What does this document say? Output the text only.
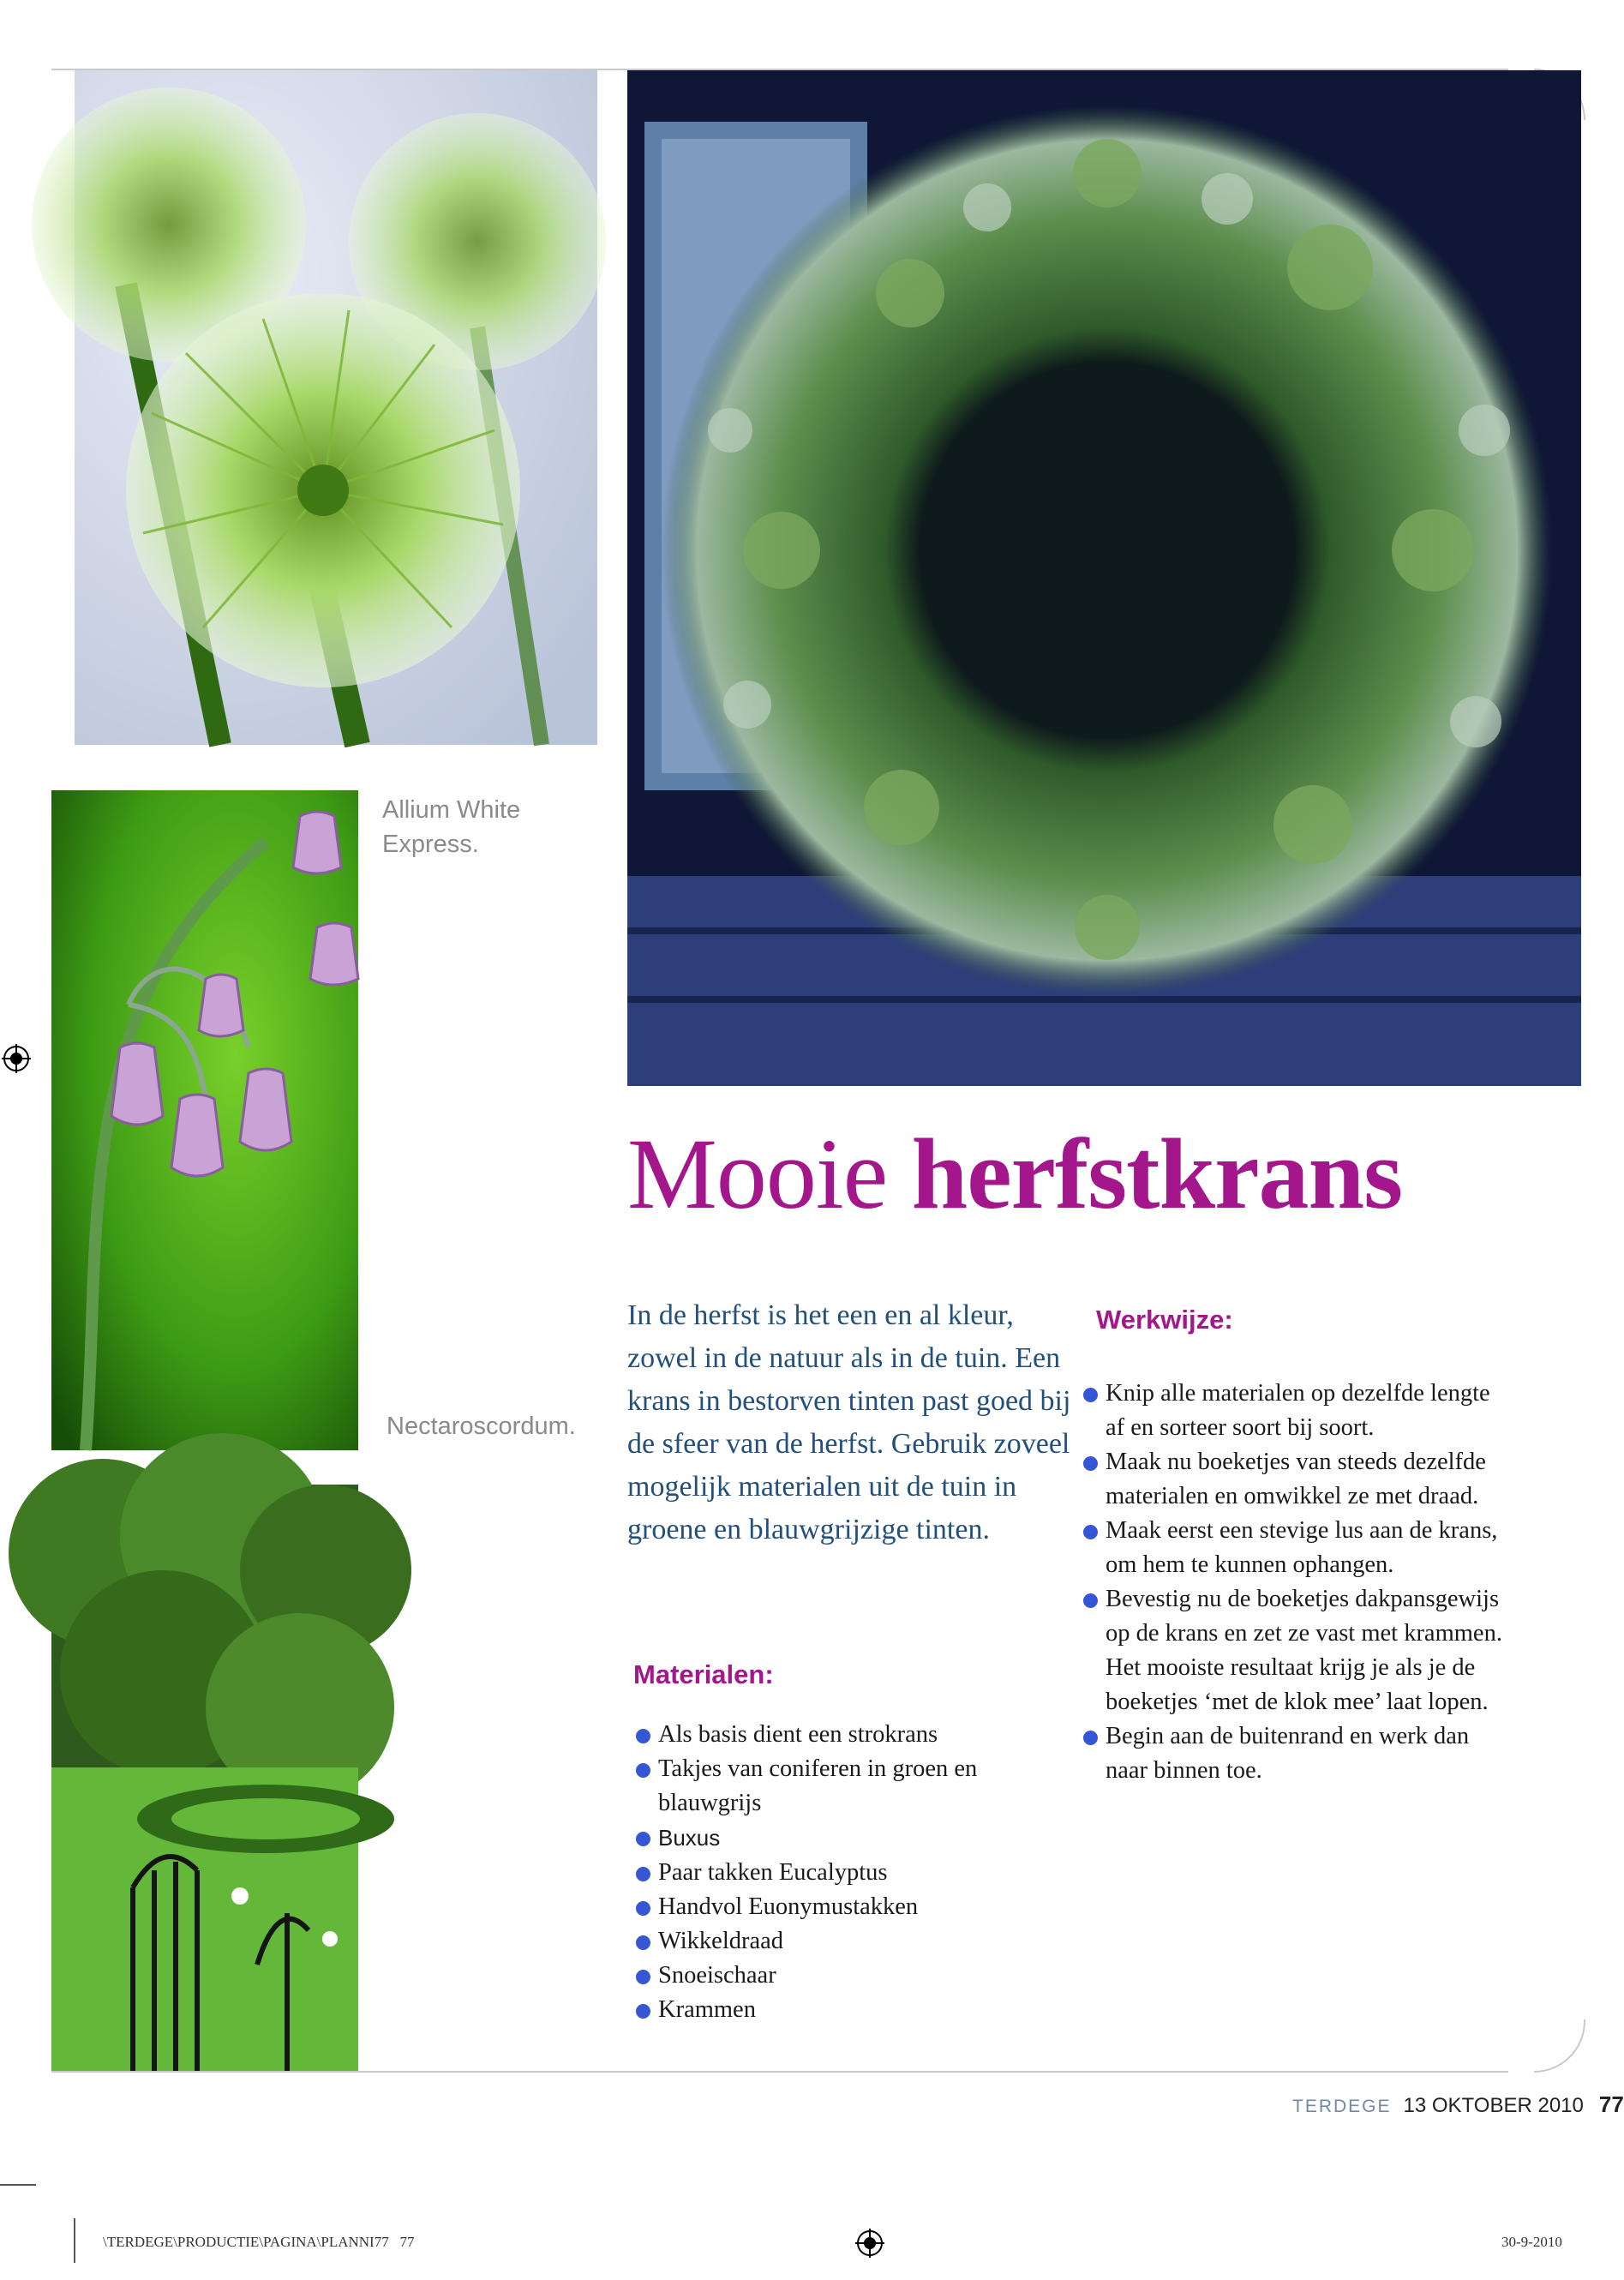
Allium White Express.
Nectaroscordum.
Mooie herfstkrans
In de herfst is het een en al kleur, zowel in de natuur als in de tuin. Een krans in bestorven tinten past goed bij de sfeer van de herfst. Gebruik zoveel mogelijk materialen uit de tuin in groene en blauwgrijzige tinten.
Materialen:
Als basis dient een strokrans
Takjes van coniferen in groen en blauwgrijs
Buxus
Paar takken Eucalyptus
Handvol Euonymustakken
Wikkeldraad
Snoeischaar
Krammen
Werkwijze:
Knip alle materialen op dezelfde lengte af en sorteer soort bij soort.
Maak nu boeketjes van steeds dezelfde materialen en omwikkel ze met draad.
Maak eerst een stevige lus aan de krans, om hem te kunnen ophangen.
Bevestig nu de boeketjes dakpansgewijs op de krans en zet ze vast met krammen. Het mooiste resultaat krijg je als je de boeketjes ‘met de klok mee’ laat lopen.
Begin aan de buitenrand en werk dan naar binnen toe.
TERDEGE 13 OKTOBER 2010 77
\TERDEGE\PRODUCTIE\PAGINA\PLANNI77   77	30-9-2010
